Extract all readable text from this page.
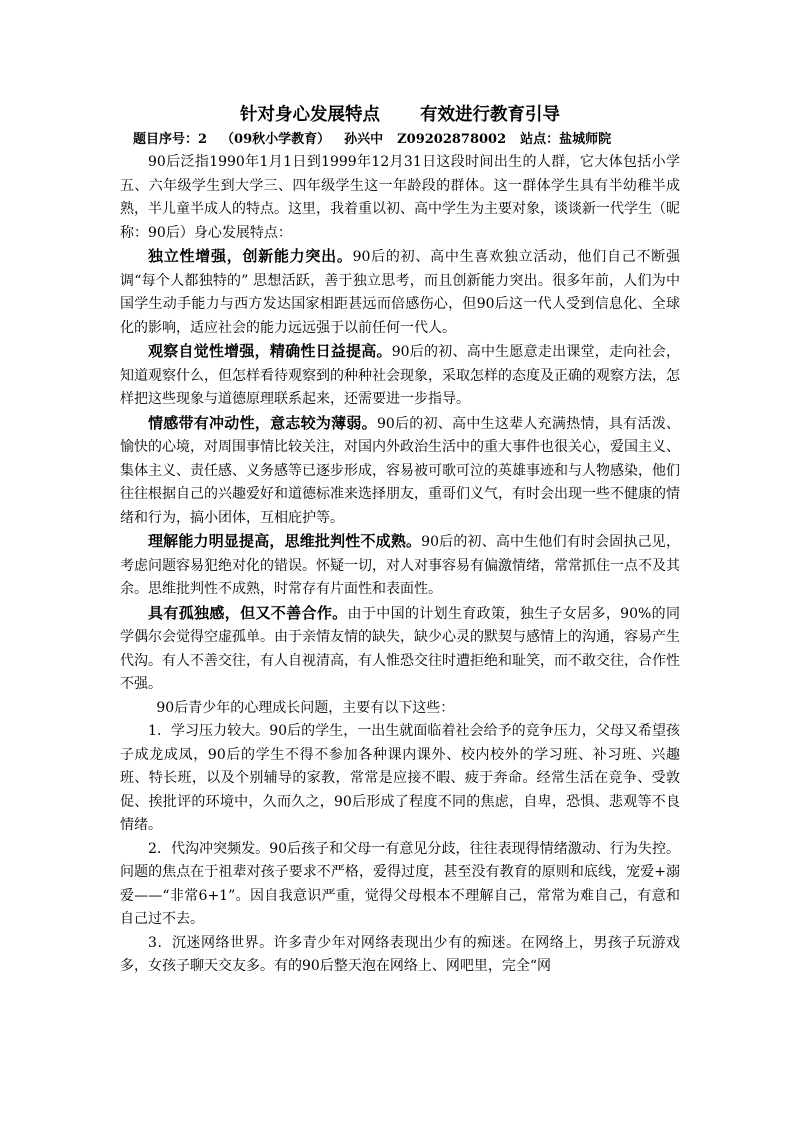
针对身心发展特点 有效进行教育引导
题目序号：2 （09秋小学教育） 孙兴中 Z09202878002 站点：盐城师院

90后泛指1990年1月1日到1999年12月31日这段时间出生的人群，它大体包括小学五、六年级学生到大学三、四年级学生这一年龄段的群体。这一群体学生具有半幼稚半成熟，半儿童半成人的特点。这里，我着重以初、高中学生为主要对象，谈谈新一代学生（昵称：90后）身心发展特点：

独立性增强，创新能力突出。90后的初、高中生喜欢独立活动，他们自己不断强调“每个人都独特的” 思想活跃，善于独立思考，而且创新能力突出。很多年前，人们为中国学生动手能力与西方发达国家相距甚远而倍感伤心，但90后这一代人受到信息化、全球化的影响，适应社会的能力远远强于以前任何一代人。

观察自觉性增强，精确性日益提高。90后的初、高中生愿意走出课堂，走向社会，知道观察什么，但怎样看待观察到的种种社会现象，采取怎样的态度及正确的观察方法，怎样把这些现象与道德原理联系起来，还需要进一步指导。

情感带有冲动性，意志较为薄弱。90后的初、高中生这辈人充满热情，具有活泼、愉快的心境，对周围事情比较关注，对国内外政治生活中的重大事件也很关心，爱国主义、集体主义、责任感、义务感等已逐步形成，容易被可歌可泣的英雄事迹和与人物感染，他们往往根据自己的兴趣爱好和道德标准来选择朋友，重哥们义气，有时会出现一些不健康的情绪和行为，搞小团体，互相庇护等。

理解能力明显提高，思维批判性不成熟。90后的初、高中生他们有时会固执己见，考虑问题容易犯绝对化的错误。怀疑一切，对人对事容易有偏激情绪，常常抓住一点不及其余。思维批判性不成熟，时常存有片面性和表面性。

具有孤独感，但又不善合作。由于中国的计划生育政策，独生子女居多，90%的同学偶尔会觉得空虚孤单。由于亲情友情的缺失，缺少心灵的默契与感情上的沟通，容易产生代沟。有人不善交往，有人自视清高，有人惟恐交往时遭拒绝和耻笑，而不敢交往，合作性不强。

90后青少年的心理成长问题，主要有以下这些：

1．学习压力较大。90后的学生，一出生就面临着社会给予的竞争压力，父母又希望孩子成龙成凤，90后的学生不得不参加各种课内课外、校内校外的学习班、补习班、兴趣班、特长班，以及个别辅导的家教，常常是应接不暇、疲于奔命。经常生活在竞争、受敦促、挨批评的环境中，久而久之，90后形成了程度不同的焦虑，自卑，恐惧、悲观等不良情绪。

2．代沟冲突频发。90后孩子和父母一有意见分歧，往往表现得情绪激动、行为失控。问题的焦点在于祖辈对孩子要求不严格，爱得过度，甚至没有教育的原则和底线，宠爱+溺爱——“非常6+1”。因自我意识严重，觉得父母根本不理解自己，常常为难自己，有意和自己过不去。

3．沉迷网络世界。许多青少年对网络表现出少有的痴迷。在网络上，男孩子玩游戏多，女孩子聊天交友多。有的90后整天泡在网络上、网吧里，完全“网
